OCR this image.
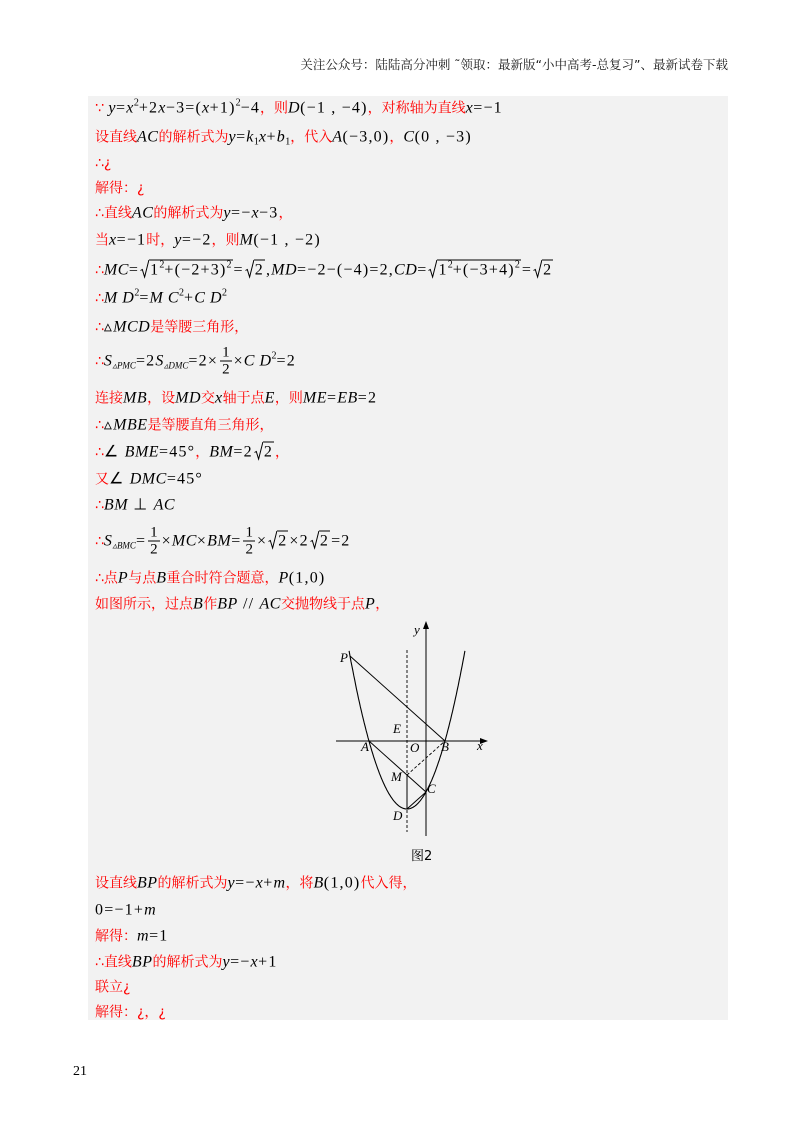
关注公众号：陆陆高分冲刺 ˜领取：最新版“小中高考-总复习”、最新试卷下载
y
x
P
E
O
A	B
M
C
D
图2
21
∵ $y=x^2+2x-3=(x+1)^2-4$，则D(−1 , −4)，对称轴为直线x=−1
设直线AC的解析式为$y=k_1x+b_1$，代入A(−3,0)，C(0 , −3)
∴¿
解得：¿
∴直线AC的解析式为y=−x−3，
当x=−1时，y=−2，则M(−1 , −2)
∴MC= $1^2+(-2+3)^2 = 2$ $,MD=-2-(-4)=2,CD= 1^2+(-3+4)^2 = 2$
∴M $D^2=M$ $C^2+C$ $D^2$
∴▵MCD是等腰三角形，
$\therefore S_{▵PMC}=2S_{▵DMC}=2\times \frac{1}{2} \times C$ $D^2=2$
连接MB，设MD交x轴于点E，则ME=EB=2
∴▵MBE是等腰直角三角形，
∴∠ BME=45°，BM=2 2 ，
又∠ DMC=45°
∴BM ⊥ AC
$\therefore S_{▵BMC}= \frac{1}{2} \times MC\times BM= \frac{1}{2} \times 2 \times 2$ 2 =2
∴点P与点B重合时符合题意，P(1,0)
如图所示，过点B作BP // AC交抛物线于点P，
设直线BP的解析式为y=−x+m，将B(1,0)代入得，
0=−1+m
解得：m=1
∴直线BP的解析式为y=−x+1
联立¿
解得：¿，¿
